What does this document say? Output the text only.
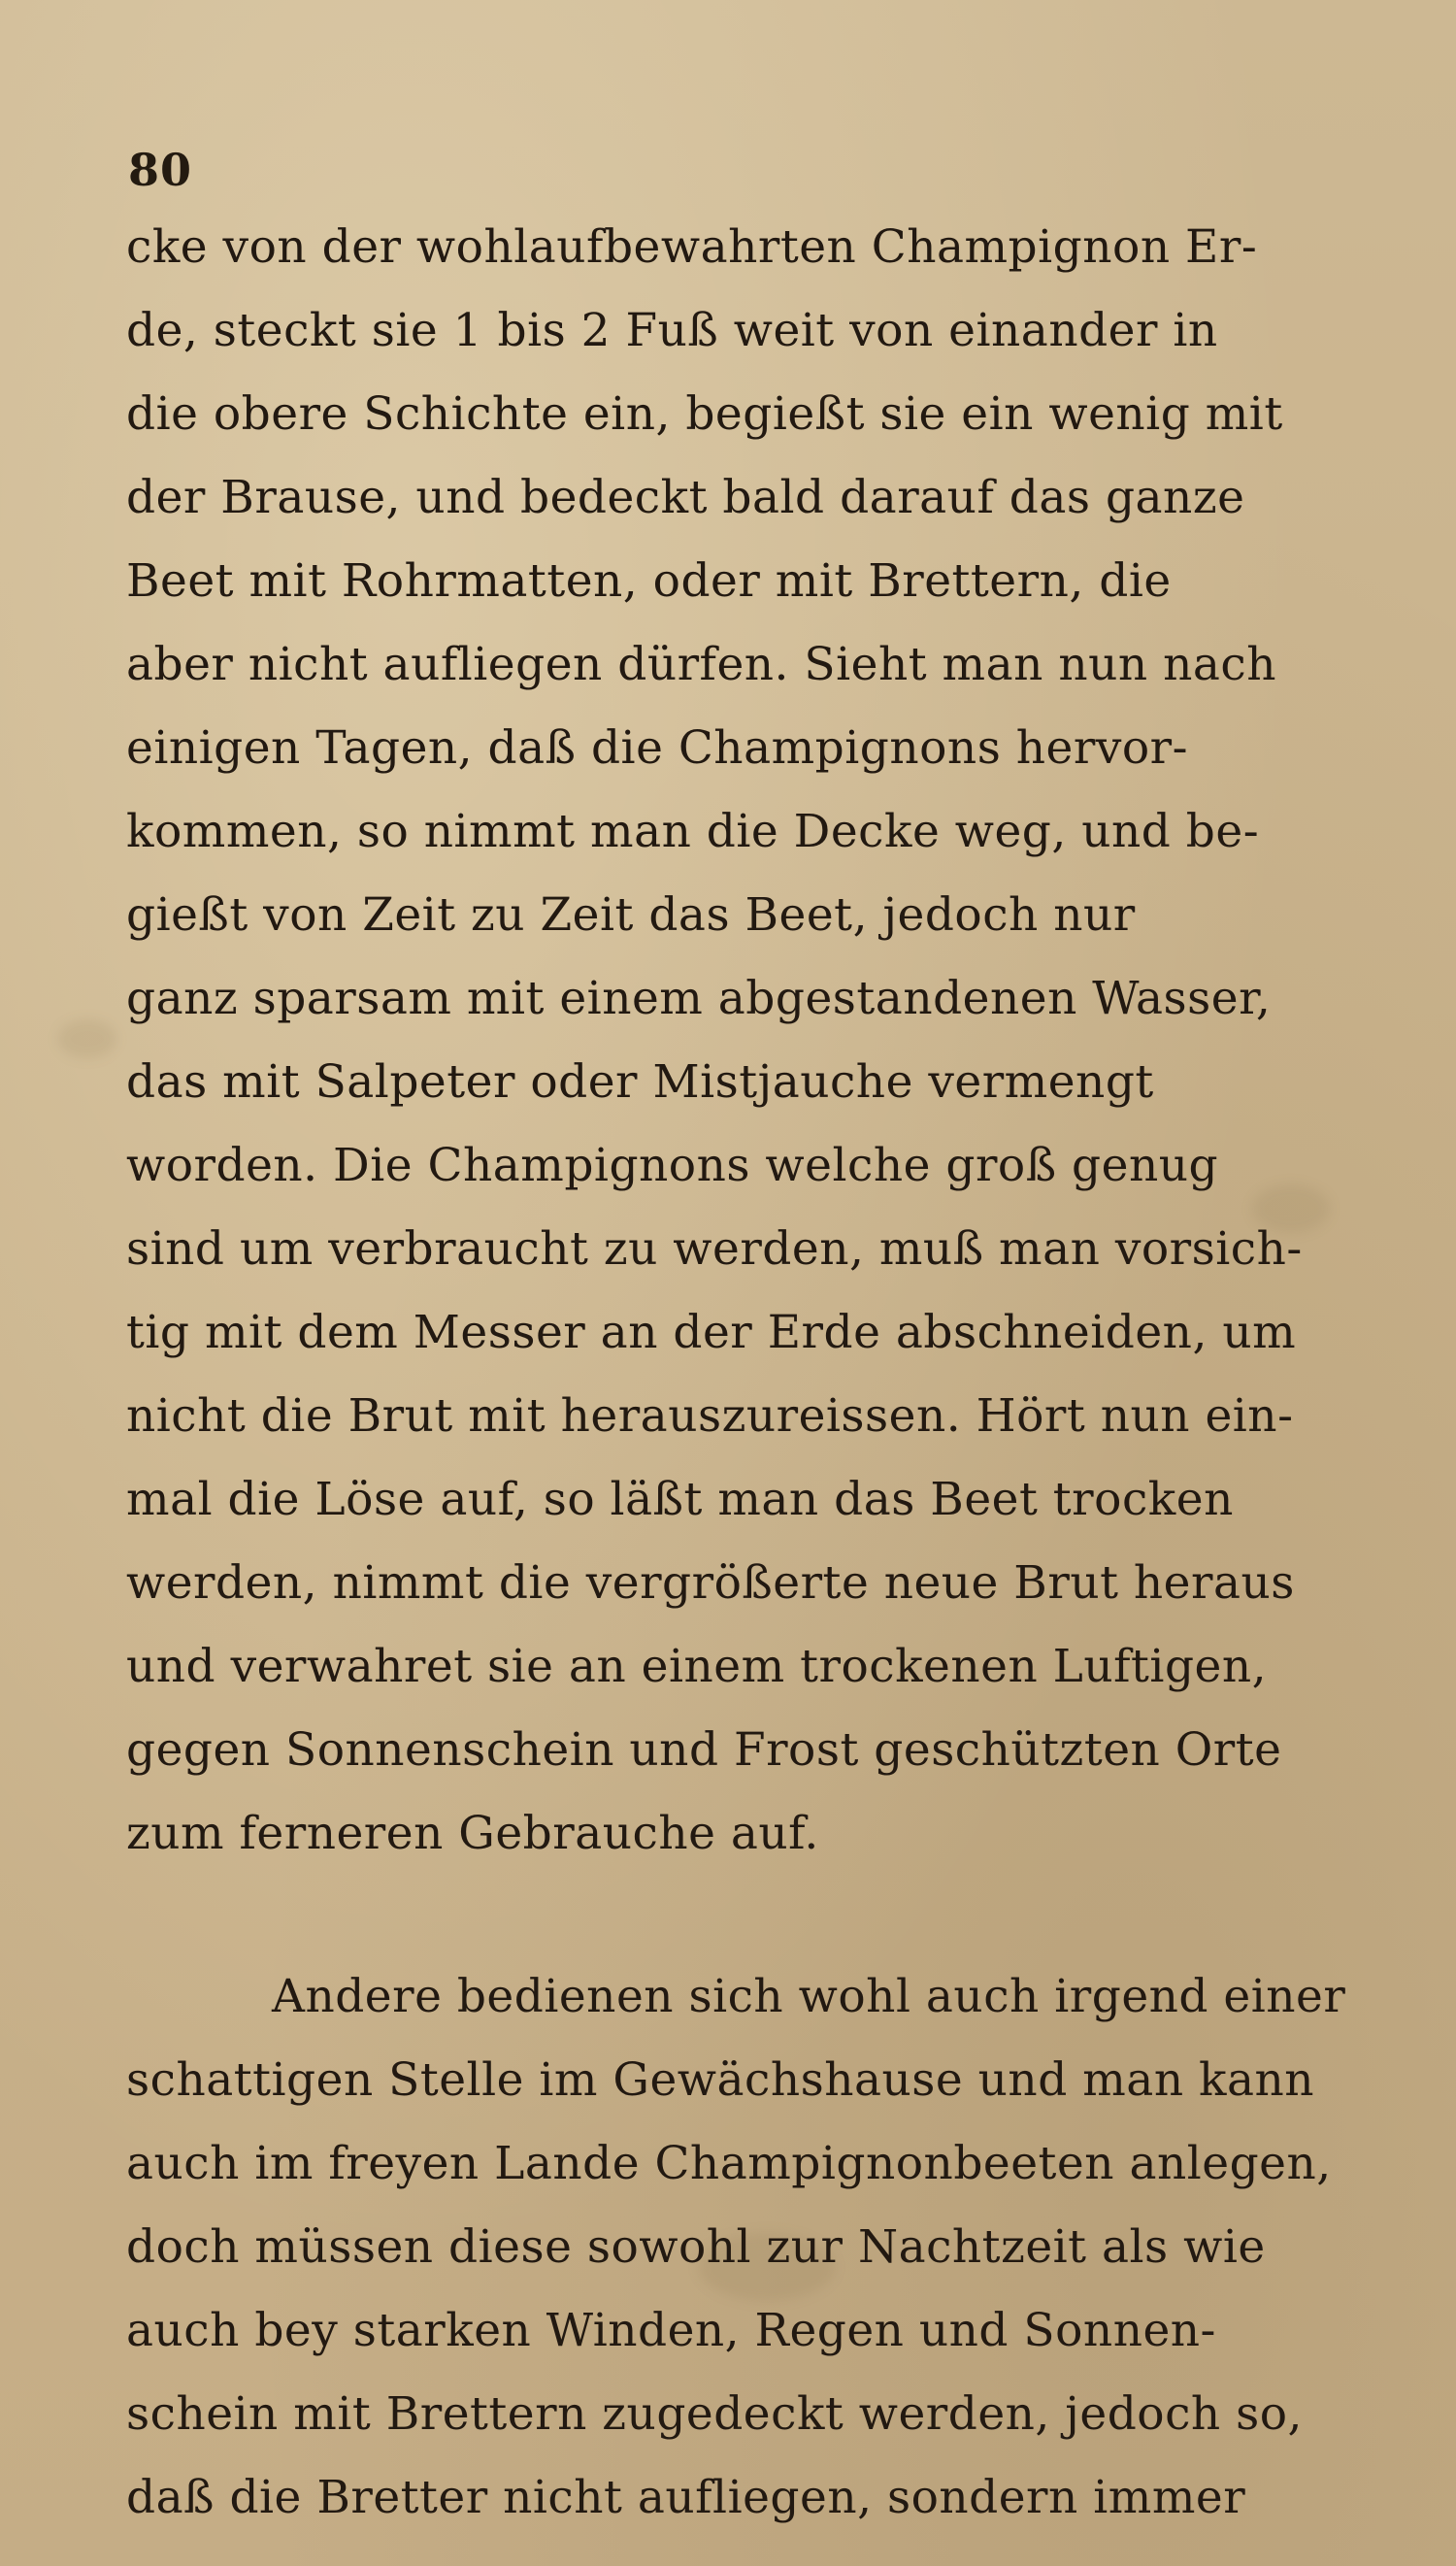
80
cke von der wohlaufbewahrten Champignon Er-
de, steckt sie 1 bis 2 Fuß weit von einander in
die obere Schichte ein, begießt sie ein wenig mit
der Brause, und bedeckt bald darauf das ganze
Beet mit Rohrmatten, oder mit Brettern, die
aber nicht aufliegen dürfen. Sieht man nun nach
einigen Tagen, daß die Champignons hervor-
kommen, so nimmt man die Decke weg, und be-
gießt von Zeit zu Zeit das Beet, jedoch nur
ganz sparsam mit einem abgestandenen Wasser,
das mit Salpeter oder Mistjauche vermengt
worden. Die Champignons welche groß genug
sind um verbraucht zu werden, muß man vorsich-
tig mit dem Messer an der Erde abschneiden, um
nicht die Brut mit herauszureissen. Hört nun ein-
mal die Löse auf, so läßt man das Beet trocken
werden, nimmt die vergrößerte neue Brut heraus
und verwahret sie an einem trockenen Luftigen,
gegen Sonnenschein und Frost geschützten Orte
zum ferneren Gebrauche auf.
Andere bedienen sich wohl auch irgend einer
schattigen Stelle im Gewächshause und man kann
auch im freyen Lande Champignonbeeten anlegen,
doch müssen diese sowohl zur Nachtzeit als wie
auch bey starken Winden, Regen und Sonnen-
schein mit Brettern zugedeckt werden, jedoch so,
daß die Bretter nicht aufliegen, sondern immer
